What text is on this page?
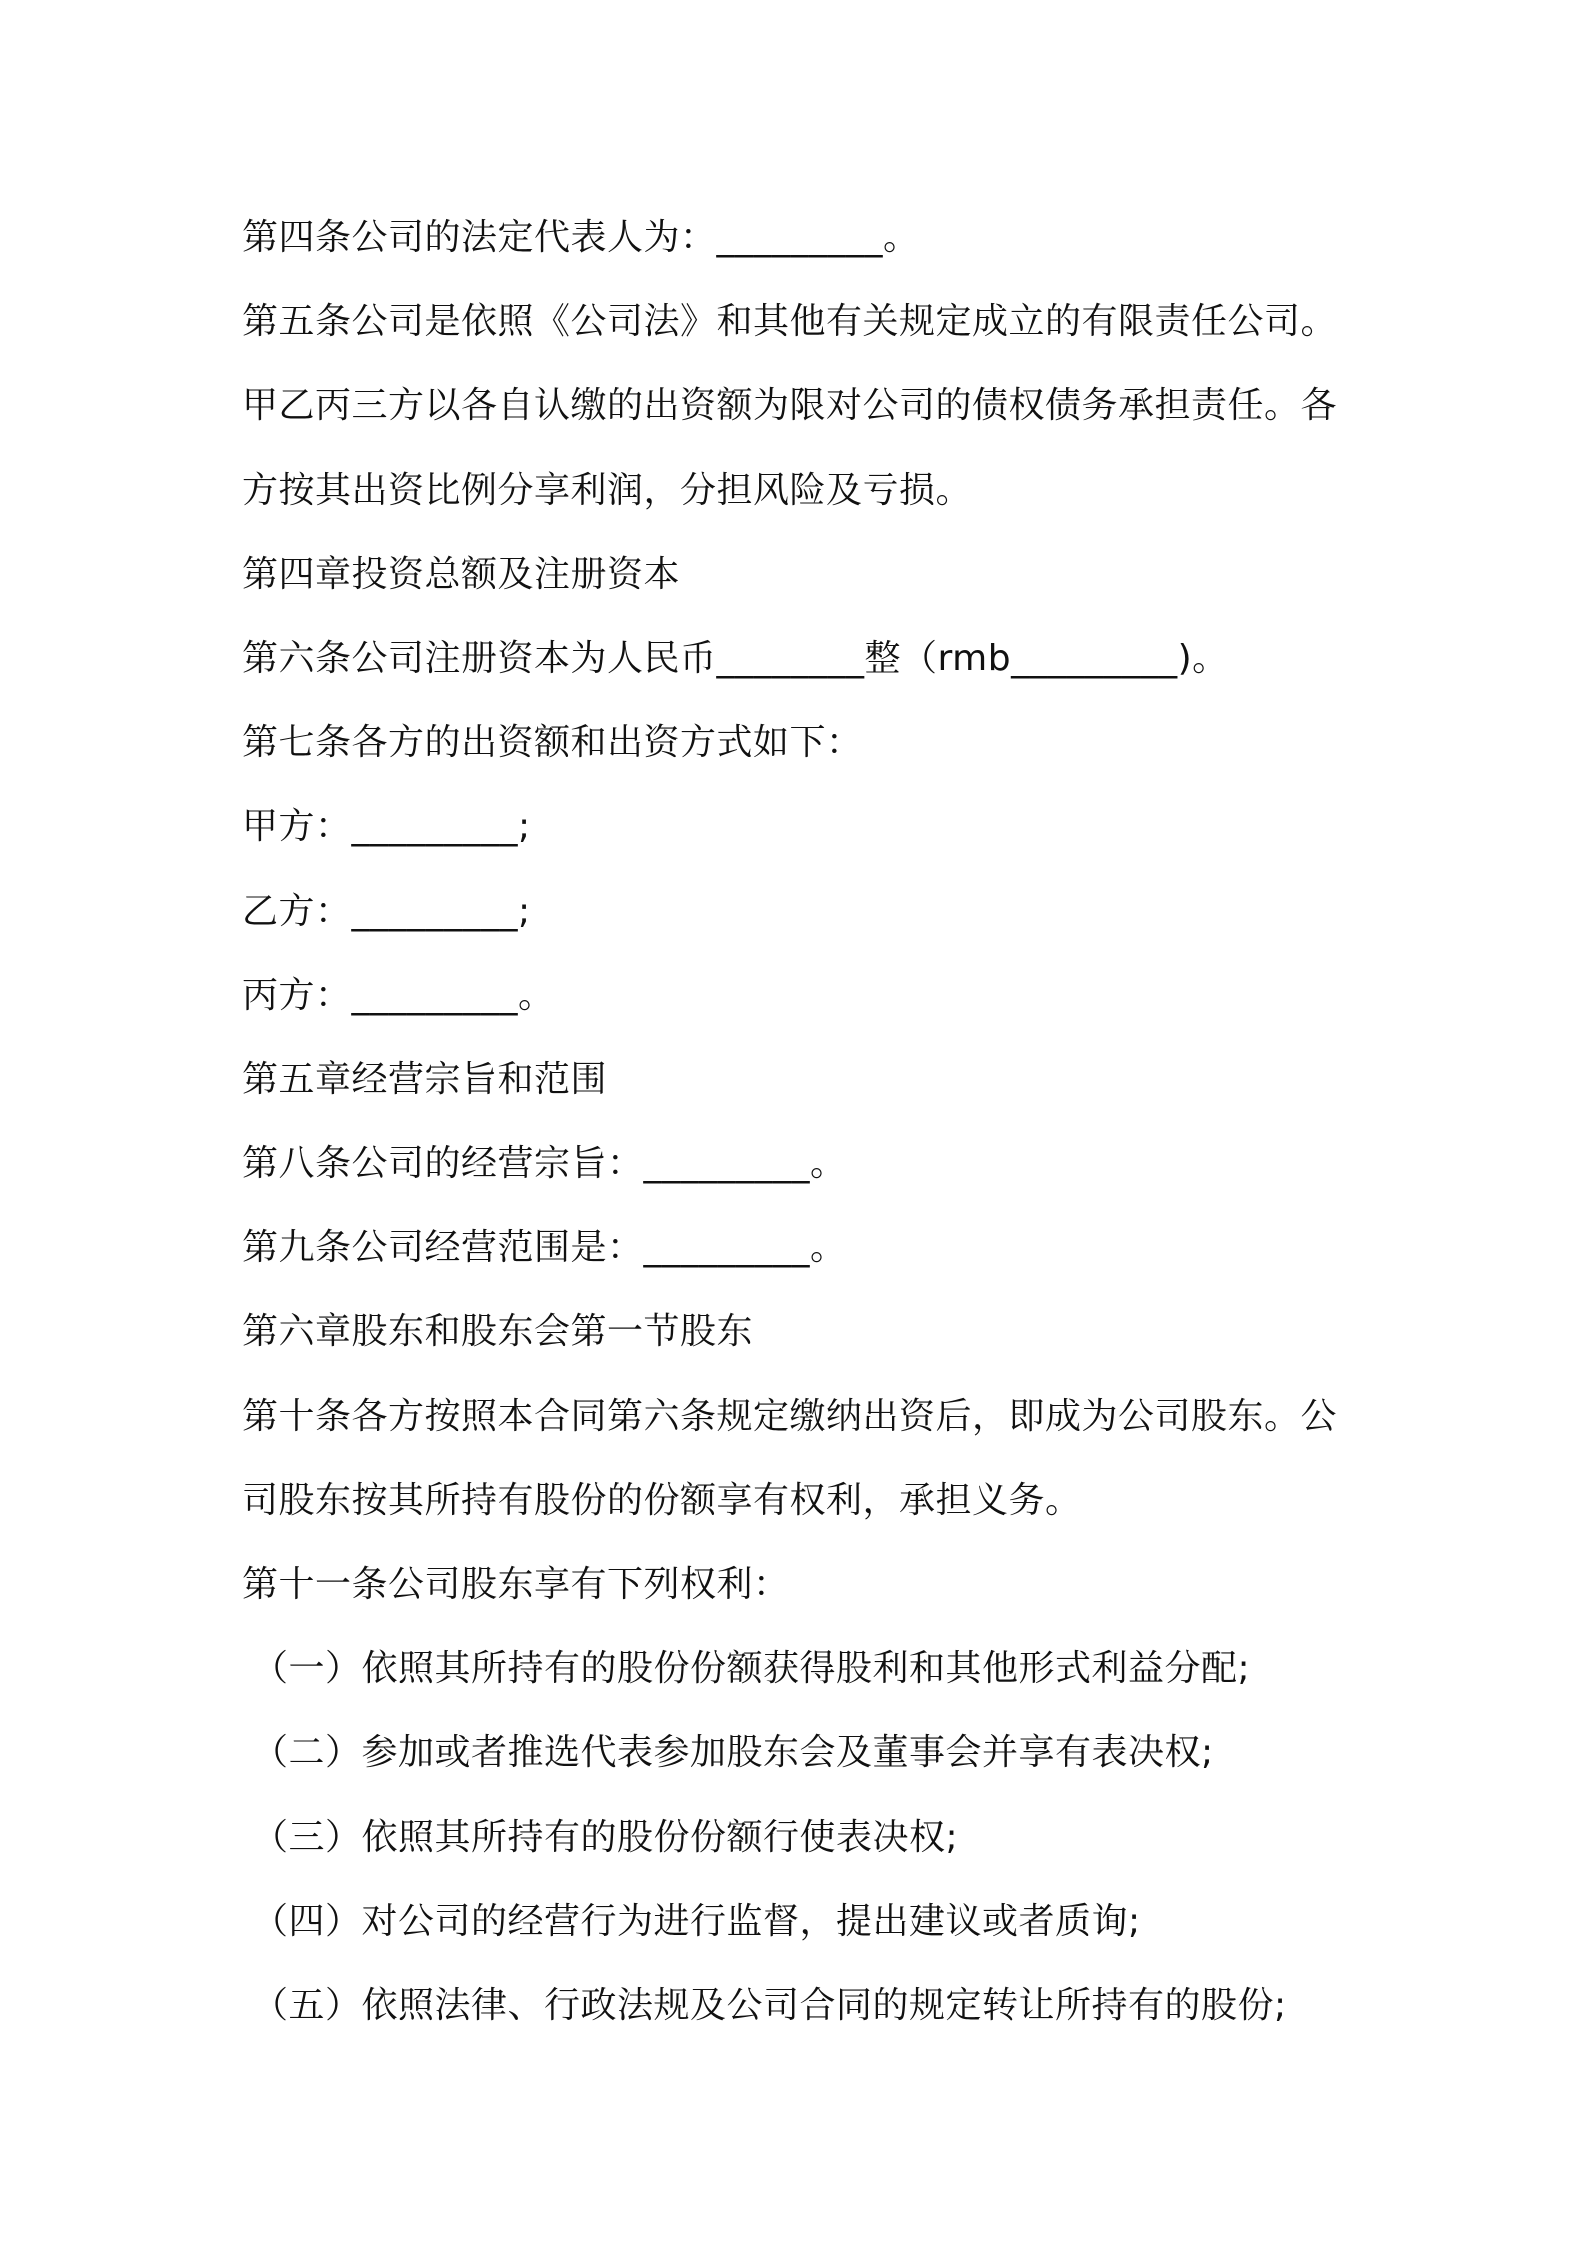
第四条公司的法定代表人为：_________。
第五条公司是依照《公司法》和其他有关规定成立的有限责任公司。
甲乙丙三方以各自认缴的出资额为限对公司的债权债务承担责任。各
方按其出资比例分享利润，分担风险及亏损。
第四章投资总额及注册资本
第六条公司注册资本为人民币________整（rmb_________)。
第七条各方的出资额和出资方式如下：
甲方：_________;
乙方：_________;
丙方：_________。
第五章经营宗旨和范围
第八条公司的经营宗旨：_________。
第九条公司经营范围是：_________。
第六章股东和股东会第一节股东
第十条各方按照本合同第六条规定缴纳出资后，即成为公司股东。公
司股东按其所持有股份的份额享有权利，承担义务。
第十一条公司股东享有下列权利：
（一）依照其所持有的股份份额获得股利和其他形式利益分配;
（二）参加或者推选代表参加股东会及董事会并享有表决权;
（三）依照其所持有的股份份额行使表决权;
（四）对公司的经营行为进行监督，提出建议或者质询;
（五）依照法律、行政法规及公司合同的规定转让所持有的股份;
